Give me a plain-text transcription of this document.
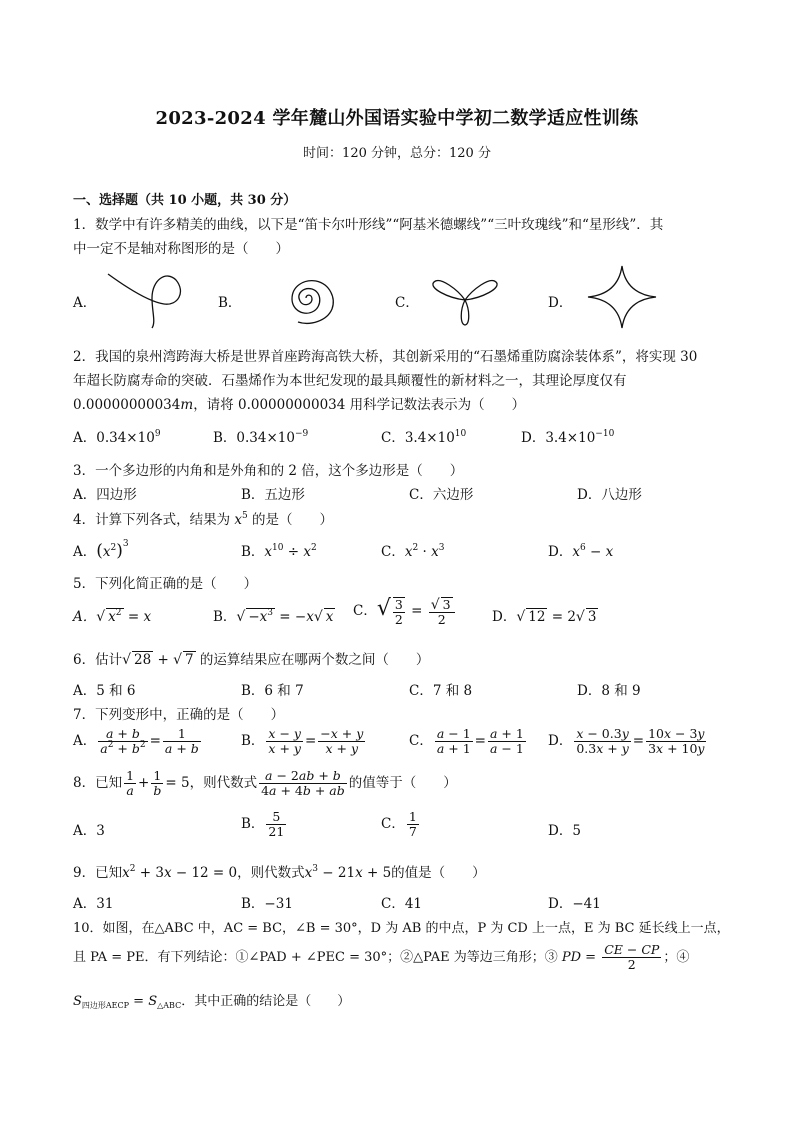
2023-2024 学年麓山外国语实验中学初二数学适应性训练
时间：120 分钟，总分：120 分
一、选择题（共 10 小题，共 30 分）
1．数学中有许多精美的曲线，以下是“笛卡尔叶形线”“阿基米德螺线”“三叶玫瑰线”和“星形线”．其
中一定不是轴对称图形的是（　　）
A．	B．	C．	D．
2．我国的泉州湾跨海大桥是世界首座跨海高铁大桥，其创新采用的“石墨烯重防腐涂装体系”，将实现 30
年超长防腐寿命的突破．石墨烯作为本世纪发现的最具颠覆性的新材料之一，其理论厚度仅有
0.00000000034m，请将 0.00000000034 用科学记数法表示为（　　）
A．$0.34\times 10^9$	B．$0.34\times 10^{-9}$	C．$3.4\times 10^{10}$	D．$3.4\times 10^{-10}$
3．一个多边形的内角和是外角和的 2 倍，这个多边形是（　　）
A．四边形	B．五边形	C．六边形	D．八边形
4．计算下列各式，结果为 $x^5$ 的是（　　）
A．$(x^2)^3$	B．$x^{10} \div x^2$	C．$x^2 \cdot x^3$	D．$x^6 - x$
5．下列化简正确的是（　　）
A．√ $x^2 = x$	B．√ $-x^3 = -x√$ x C．√ $\frac{3}{2} = \frac{√ 3}{2}$	D．√ 12 = 2√ 3
6．估计√ 28 + √ 7 的运算结果应在哪两个数之间（　　）
A．5 和 6	B．6 和 7	C．7 和 8	D．8 和 9
7．下列变形中，正确的是（　　）
A． $\frac{a + b}{a^2 + b^2} = \frac{1}{a + b}$	B． $\frac{x - y}{x + y} = \frac{-x + y}{x + y}$	C． $\frac{a - 1}{a + 1} = \frac{a + 1}{a - 1}$ D． $\frac{x - 0.3y}{0.3x + y} = \frac{10x - 3y}{3x + 10y}$
8．已知 $\frac{1}{a} + \frac{1}{b} = 5$，则代数式 $\frac{a - 2ab + b}{4a + 4b + ab}$ 的值等于（　　）
A．3	B． $\frac{5}{21}$	C． $\frac{1}{7}$	D．5
9．已知$x^2 + 3x - 12 = 0$，则代数式$x^3 - 21x + 5$的值是（　　）
A．31	B．−31	C．41	D．−41
10．如图，在△ABC 中，AC = BC，∠B = 30°，D 为 AB 的中点，P 为 CD 上一点，E 为 BC 延长线上一点，
且 PA = PE．有下列结论：①∠PAD + ∠PEC = 30°；②△PAE 为等边三角形；③ PD = $\frac{CE - CP}{2}$ ；④
$S_{四边形AECP} = S_{\triangle ABC}$．其中正确的结论是（　　）
